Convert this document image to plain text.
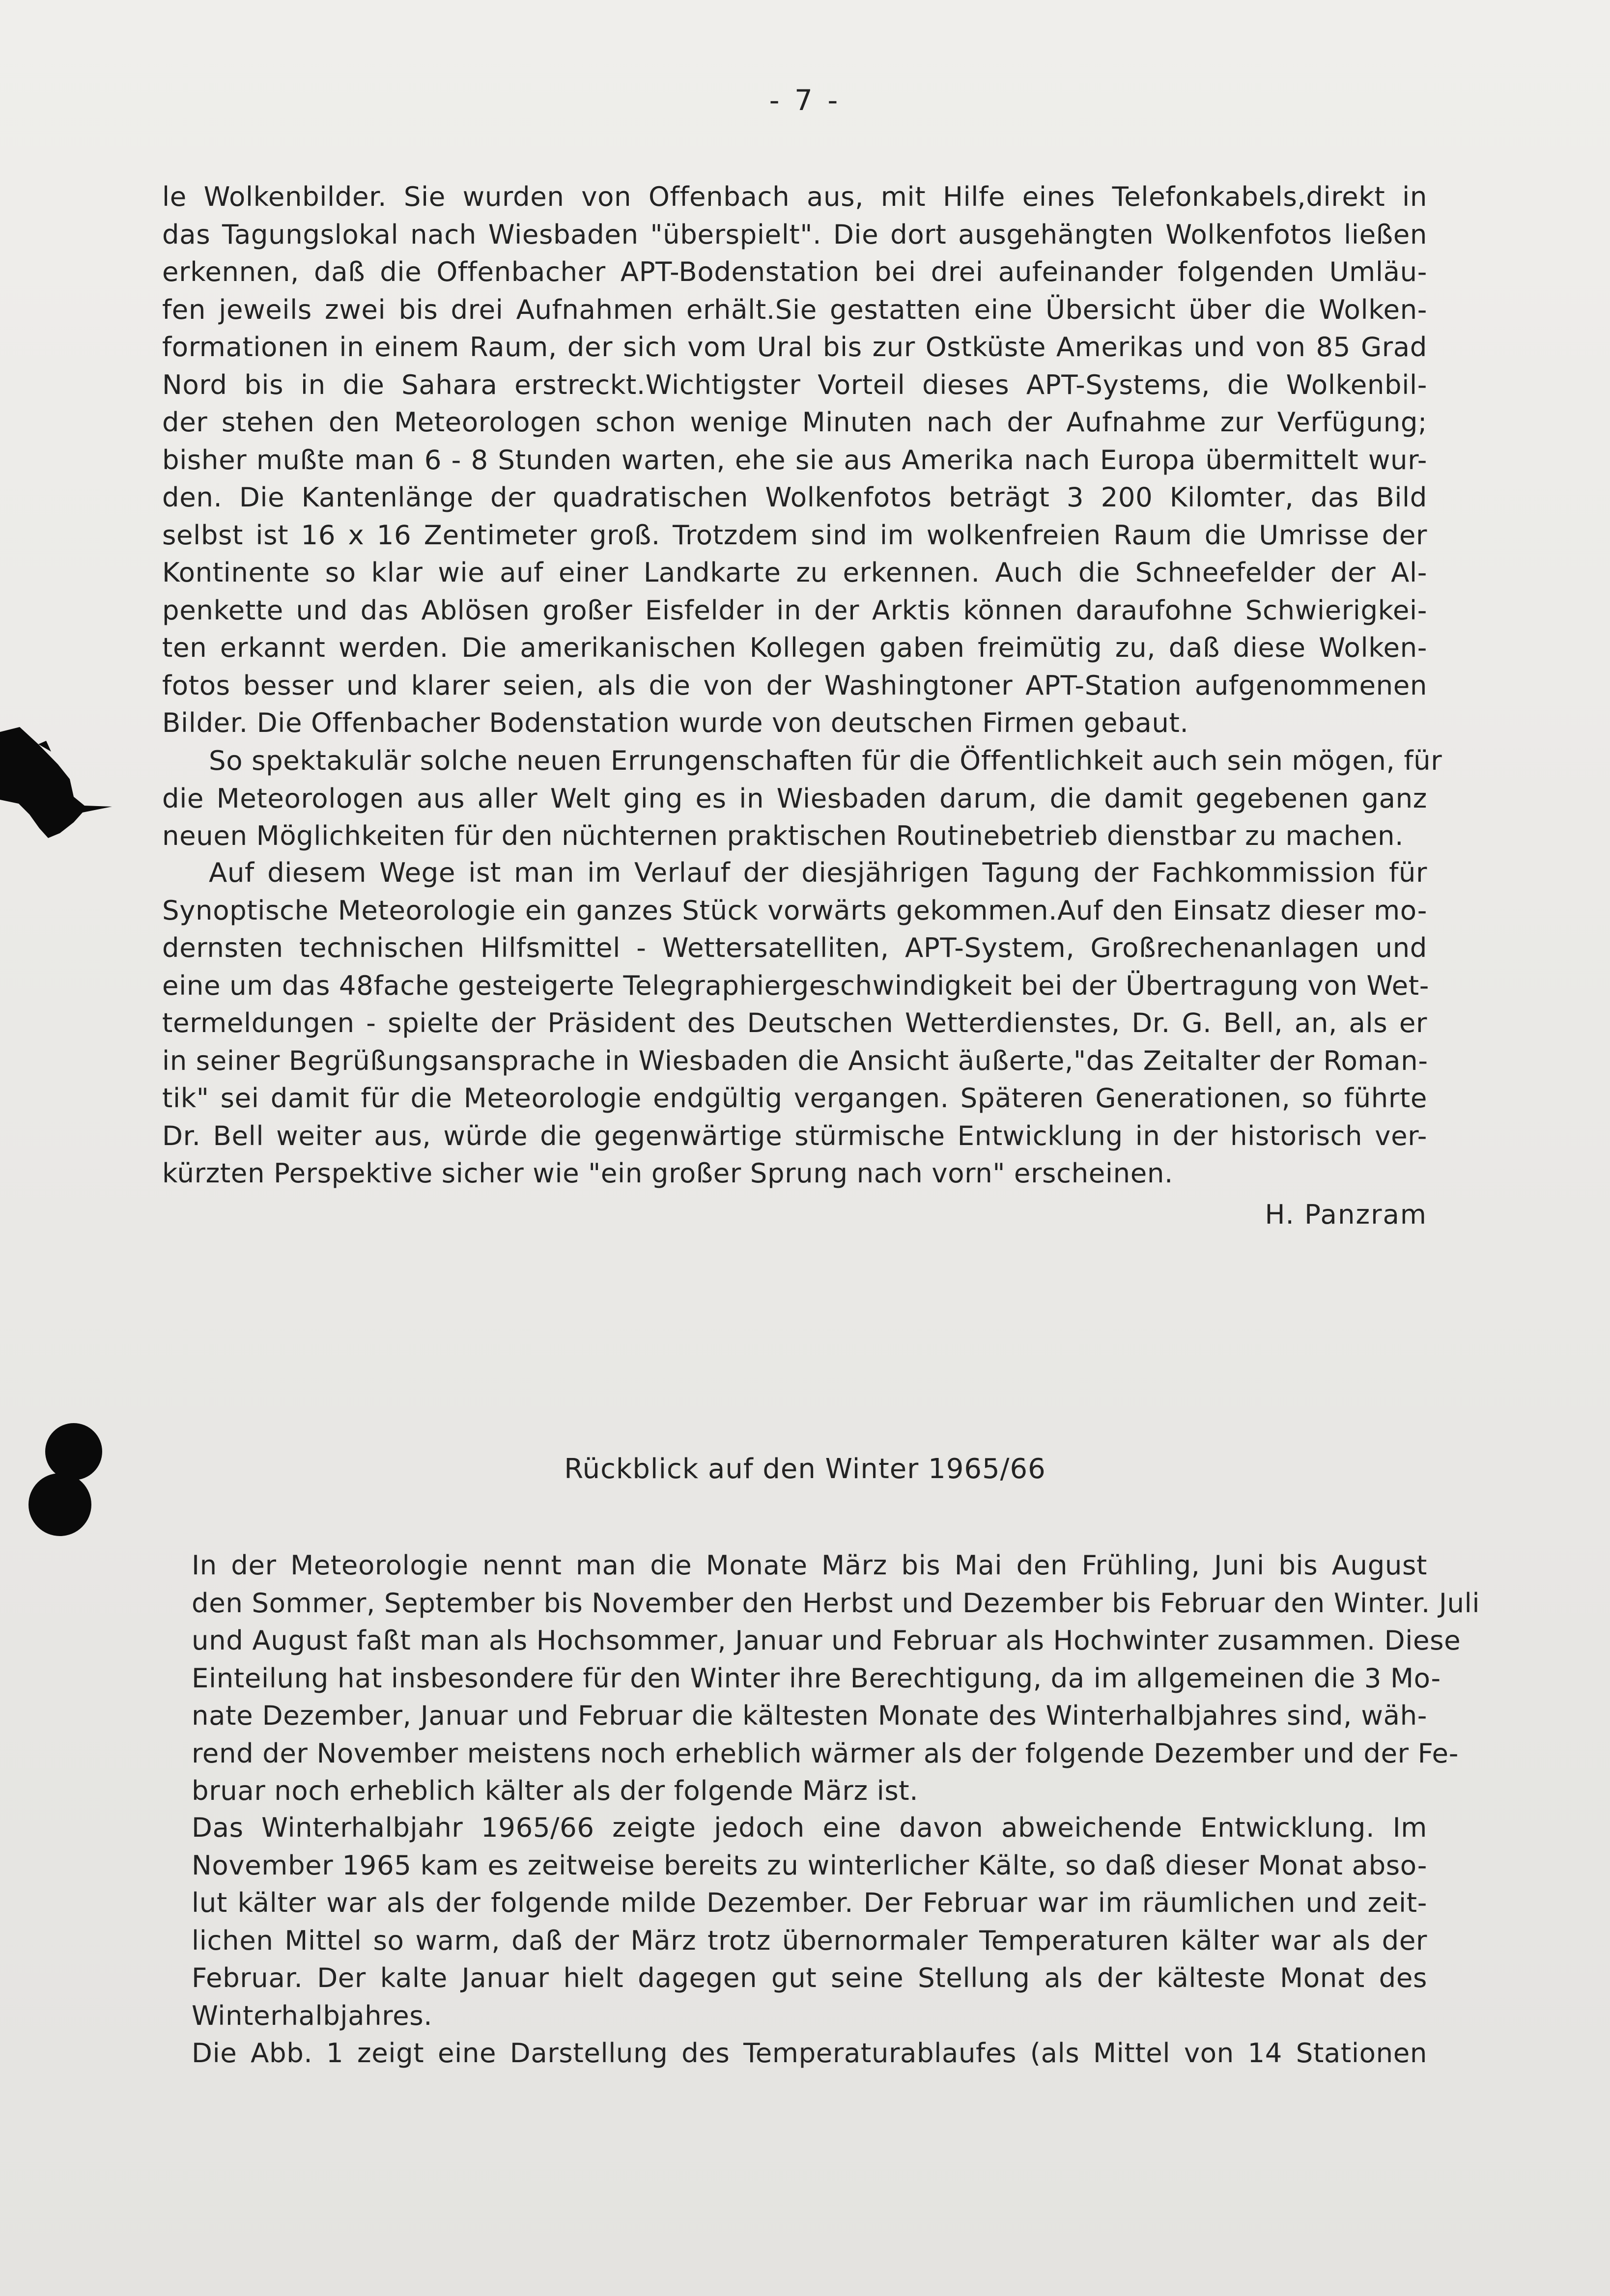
- 7 -
le Wolkenbilder. Sie wurden von Offenbach aus, mit Hilfe eines Telefonkabels,direkt in
das Tagungslokal nach Wiesbaden "überspielt". Die dort ausgehängten Wolkenfotos ließen
erkennen, daß die Offenbacher APT-Bodenstation bei drei aufeinander folgenden Umläu-
fen jeweils zwei bis drei Aufnahmen erhält.Sie gestatten eine Übersicht über die Wolken-
formationen in einem Raum, der sich vom Ural bis zur Ostküste Amerikas und von 85 Grad
Nord bis in die Sahara erstreckt.Wichtigster Vorteil dieses APT-Systems, die Wolkenbil-
der stehen den Meteorologen schon wenige Minuten nach der Aufnahme zur Verfügung;
bisher mußte man 6 - 8 Stunden warten, ehe sie aus Amerika nach Europa übermittelt wur-
den. Die Kantenlänge der quadratischen Wolkenfotos beträgt 3 200 Kilomter, das Bild
selbst ist 16 x 16 Zentimeter groß. Trotzdem sind im wolkenfreien Raum die Umrisse der
Kontinente so klar wie auf einer Landkarte zu erkennen. Auch die Schneefelder der Al-
penkette und das Ablösen großer Eisfelder in der Arktis können daraufohne Schwierigkei-
ten erkannt werden. Die amerikanischen Kollegen gaben freimütig zu, daß diese Wolken-
fotos besser und klarer seien, als die von der Washingtoner APT-Station aufgenommenen
Bilder. Die Offenbacher Bodenstation wurde von deutschen Firmen gebaut.
So spektakulär solche neuen Errungenschaften für die Öffentlichkeit auch sein mögen, für
die Meteorologen aus aller Welt ging es in Wiesbaden darum, die damit gegebenen ganz
neuen Möglichkeiten für den nüchternen praktischen Routinebetrieb dienstbar zu machen.
Auf diesem Wege ist man im Verlauf der diesjährigen Tagung der Fachkommission für
Synoptische Meteorologie ein ganzes Stück vorwärts gekommen.Auf den Einsatz dieser mo-
dernsten technischen Hilfsmittel - Wettersatelliten, APT-System, Großrechenanlagen und
eine um das 48fache gesteigerte Telegraphiergeschwindigkeit bei der Übertragung von Wet-
termeldungen - spielte der Präsident des Deutschen Wetterdienstes, Dr. G. Bell, an, als er
in seiner Begrüßungsansprache in Wiesbaden die Ansicht äußerte,"das Zeitalter der Roman-
tik" sei damit für die Meteorologie endgültig vergangen. Späteren Generationen, so führte
Dr. Bell weiter aus, würde die gegenwärtige stürmische Entwicklung in der historisch ver-
kürzten Perspektive sicher wie "ein großer Sprung nach vorn" erscheinen.
H. Panzram
Rückblick auf den Winter 1965/66
In der Meteorologie nennt man die Monate März bis Mai den Frühling, Juni bis August
den Sommer, September bis November den Herbst und Dezember bis Februar den Winter. Juli
und August faßt man als Hochsommer, Januar und Februar als Hochwinter zusammen. Diese
Einteilung hat insbesondere für den Winter ihre Berechtigung, da im allgemeinen die 3 Mo-
nate Dezember, Januar und Februar die kältesten Monate des Winterhalbjahres sind, wäh-
rend der November meistens noch erheblich wärmer als der folgende Dezember und der Fe-
bruar noch erheblich kälter als der folgende März ist.
Das Winterhalbjahr 1965/66 zeigte jedoch eine davon abweichende Entwicklung. Im
November 1965 kam es zeitweise bereits zu winterlicher Kälte, so daß dieser Monat abso-
lut kälter war als der folgende milde Dezember. Der Februar war im räumlichen und zeit-
lichen Mittel so warm, daß der März trotz übernormaler Temperaturen kälter war als der
Februar. Der kalte Januar hielt dagegen gut seine Stellung als der kälteste Monat des
Winterhalbjahres.
Die Abb. 1 zeigt eine Darstellung des Temperaturablaufes (als Mittel von 14 Stationen
